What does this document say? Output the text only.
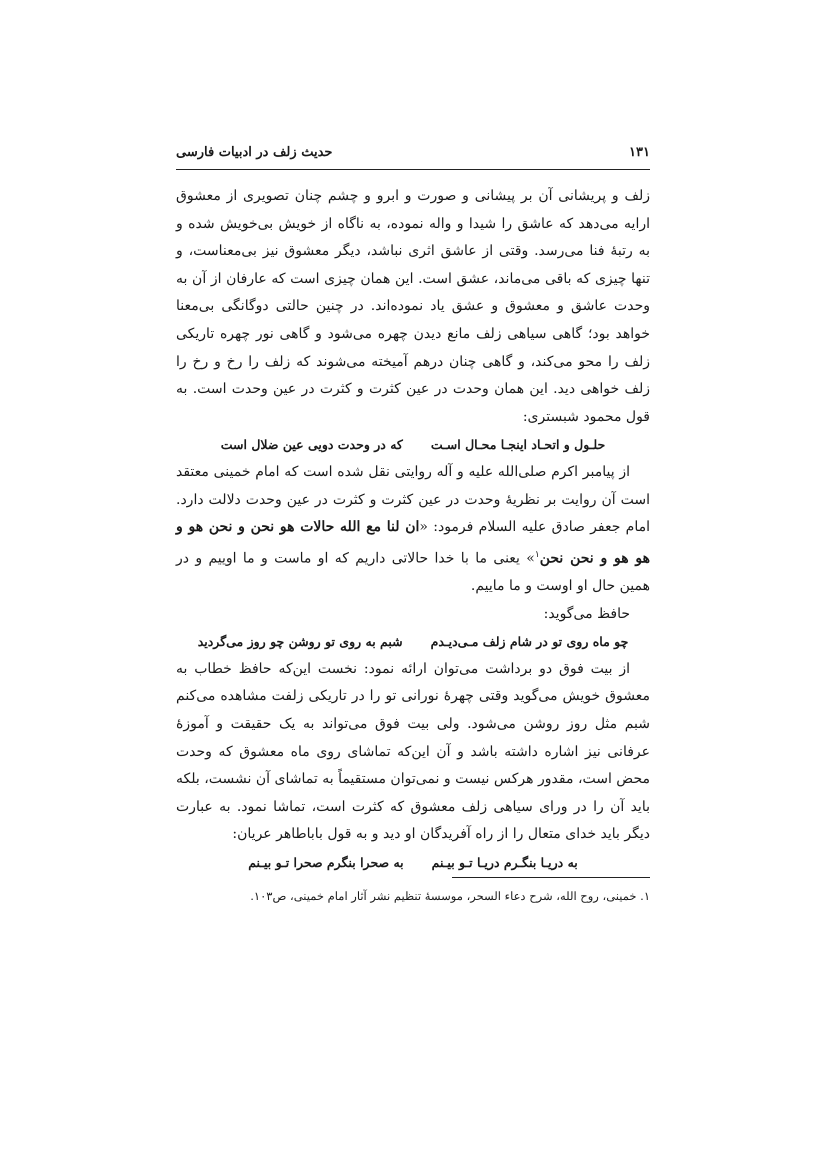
۱۳۱
حدیث زلف در ادبیات فارسی

زلف و پریشانی آن بر پیشانی و صورت و ابرو و چشم چنان تصویری از معشوق ارایه می‌دهد که عاشق را شیدا و واله نموده، به ناگاه از خویش بی‌خویش شده و به رتبهٔ فنا می‌رسد. وقتی از عاشق اثری نباشد، دیگر معشوق نیز بی‌معناست، و تنها چیزی که باقی می‌ماند، عشق است. این همان چیزی است که عارفان از آن به وحدت عاشق و معشوق و عشق یاد نموده‌اند. در چنین حالتی دوگانگی بی‌معنا خواهد بود؛ گاهی سیاهی زلف مانع دیدن چهره می‌شود و گاهی نور چهره تاریکی زلف را محو می‌کند، و گاهی چنان درهم آمیخته می‌شوند که زلف را رخ و رخ را زلف خواهی دید. این همان وحدت در عین کثرت و کثرت در عین وحدت است. به قول محمود شبستری:

حلـول و اتحـاد اینجـا محـال اسـت
که در وحدت دویی عین ضلال است

از پیامبر اکرم صلی‌الله علیه و آله روایتی نقل شده است که امام خمینی معتقد است آن روایت بر نظریهٔ وحدت در عین کثرت و کثرت در عین وحدت دلالت دارد. امام جعفر صادق علیه السلام فرمود: «ان لنا مع الله حالات هو نحن و نحن هو و هو هو و نحن نحن$^۱$» یعنی ما با خدا حالاتی داریم که او ماست و ما اوییم و در همین حال او اوست و ما ماییم.

حافظ می‌گوید:

چو ماه روی تو در شام زلف مـی‌دیـدم
شبم به روی تو روشن چو روز می‌گردید

از بیت فوق دو برداشت می‌توان ارائه نمود: نخست این‌که حافظ خطاب به معشوق خویش می‌گوید وقتی چهرهٔ نورانی تو را در تاریکی زلفت مشاهده می‌کنم شبم مثل روز روشن می‌شود. ولی بیت فوق می‌تواند به یک حقیقت و آموزهٔ عرفانی نیز اشاره داشته باشد و آن این‌که تماشای روی ماه معشوق که وحدت محض است، مقدور هرکس نیست و نمی‌توان مستقیماً به تماشای آن نشست، بلکه باید آن را در ورای سیاهی زلف معشوق که کثرت است، تماشا نمود. به عبارت دیگر باید خدای متعال را از راه آفریدگان او دید و به قول باباطاهر عریان:

به دریـا بنگـرم دریـا تـو بیـنم
به صحرا بنگرم صحرا تـو بیـنم
۱. خمینی، روح الله، شرح دعاء السحر، موسسهٔ تنظیم نشر آثار امام خمینی، ص۱۰۳.
